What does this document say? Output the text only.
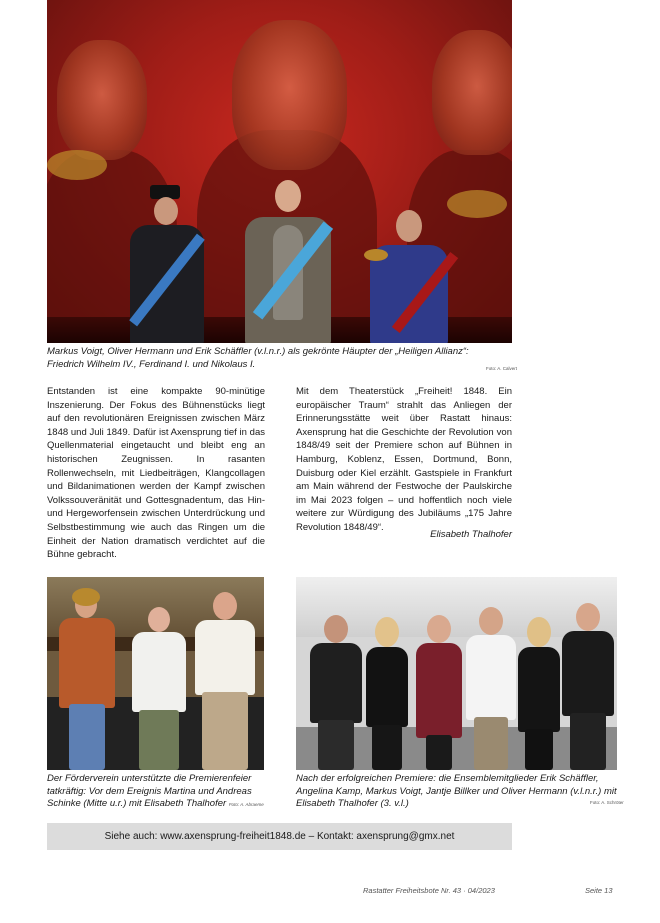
Markus Voigt, Oliver Hermann und Erik Schäffler (v.l.n.r.) als gekrönte Häupter der „Heiligen Allianz“:
Friedrich Wilhelm IV., Ferdinand I. und Nikolaus I.	Foto: A. Calvert

Entstanden ist eine kompakte 90-minütige Inszenierung. Der Fokus des Bühnenstücks liegt auf den revolutionären Ereignissen zwischen März 1848 und Juli 1849. Dafür ist Axensprung tief in das Quellenmaterial eingetaucht und bleibt eng an historischen Zeugnissen. In rasanten Rollenwechseln, mit Liedbeiträgen, Klangcollagen und Bildanimationen werden der Kampf zwischen Volkssouveränität und Gottesgnadentum, das Hin- und Hergeworfensein zwischen Unterdrückung und Selbstbestimmung wie auch das Ringen um die Einheit der Nation dramatisch verdichtet auf die Bühne gebracht.

Mit dem Theaterstück „Freiheit! 1848. Ein europäischer Traum“ strahlt das Anliegen der Erinnerungsstätte weit über Rastatt hinaus: Axensprung hat die Geschichte der Revolution von 1848/49 seit der Premiere schon auf Bühnen in Hamburg, Koblenz, Essen, Dortmund, Bonn, Duisburg oder Kiel erzählt. Gastspiele in Frankfurt am Main während der Festwoche der Paulskirche im Mai 2023 folgen – und hoffentlich noch viele weitere zur Würdigung des Jubiläums „175 Jahre Revolution 1848/49“.

Elisabeth Thalhofer
Der Förderverein unterstützte die Premierenfeier tatkräftig: Vor dem Ereignis Martina und Andreas Schinke (Mitte u.r.) mit Elisabeth Thalhofer Foto: A. Abraeme
Nach der erfolgreichen Premiere: die Ensemblemitglieder Erik Schäffler, Angelina Kamp, Markus Voigt, Jantje Billker und Oliver Hermann (v.l.n.r.) mit Elisabeth Thalhofer (3. v.l.)	Foto: A. Schröter
Siehe auch: www.axensprung-freiheit1848.de – Kontakt: axensprung@gmx.net
Rastatter Freiheitsbote Nr. 43 · 04/2023	Seite 13
